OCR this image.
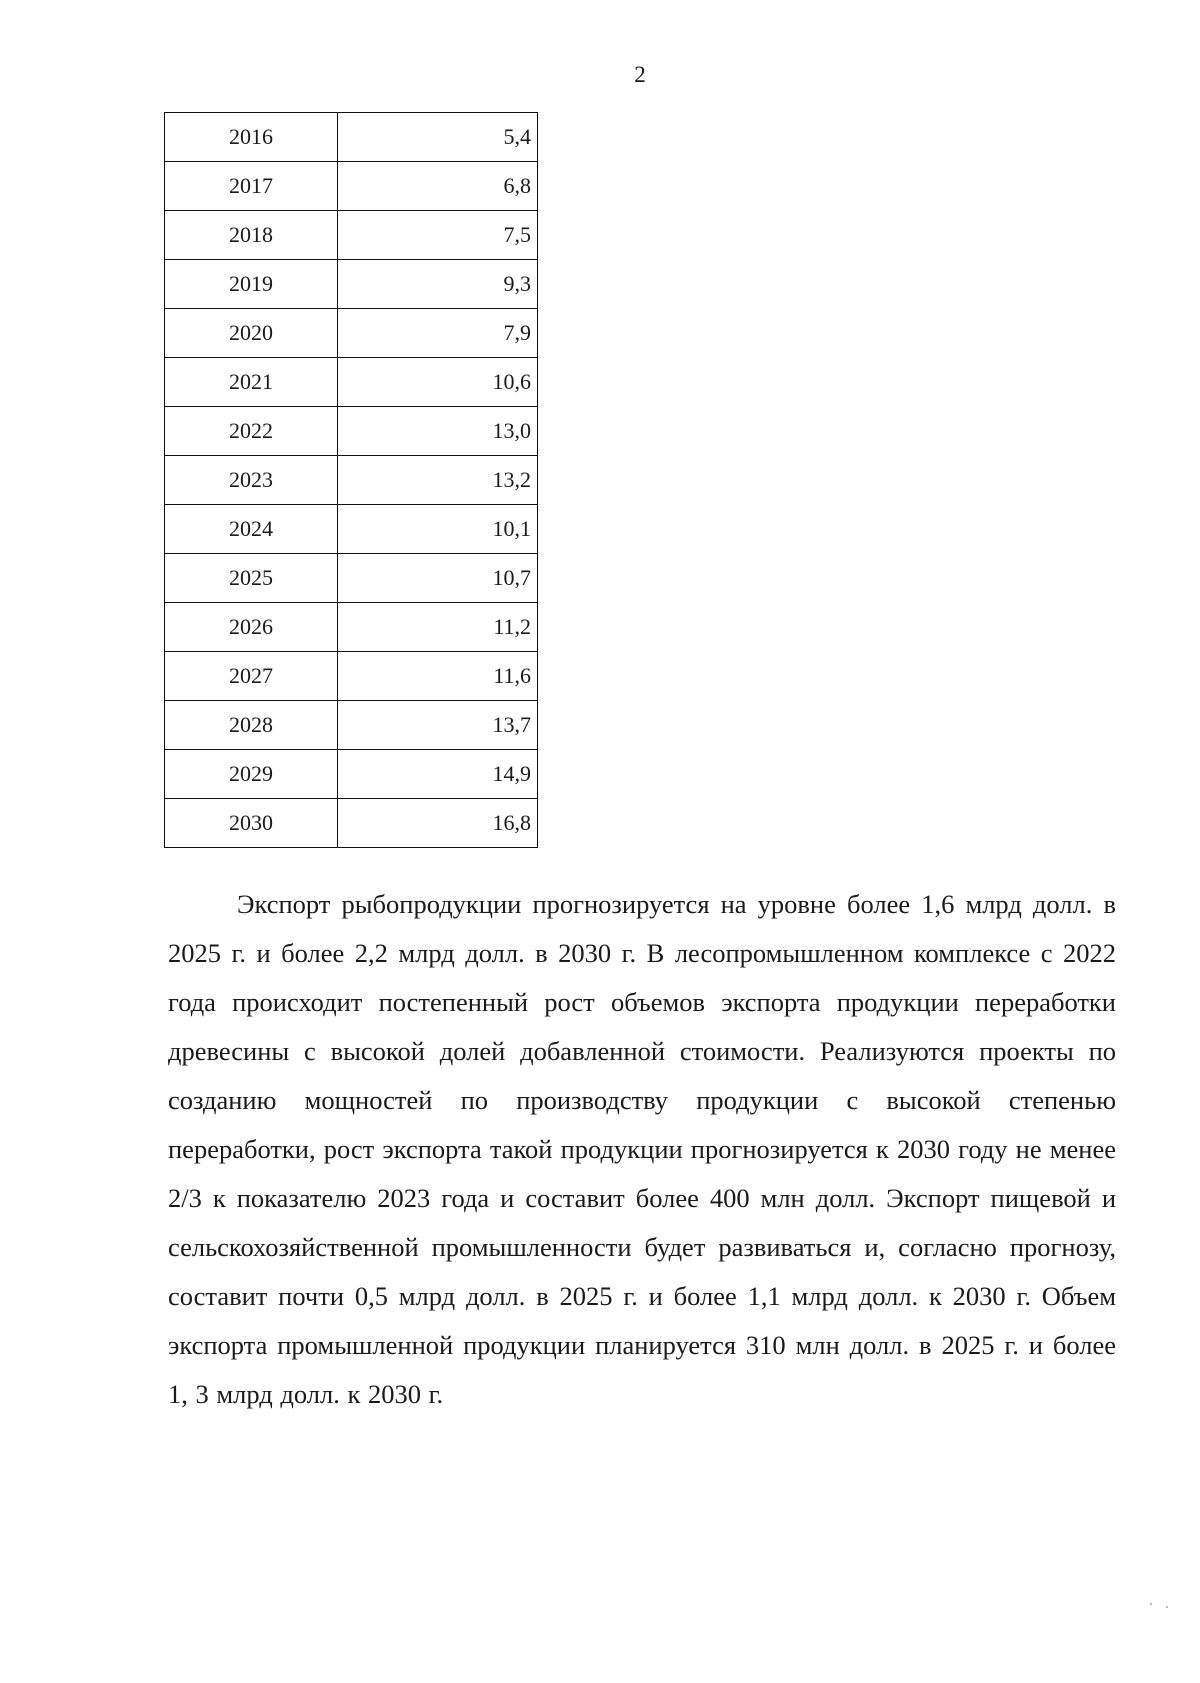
2
2016	5,4
2017	6,8
2018	7,5
2019	9,3
2020	7,9
2021	10,6
2022	13,0
2023	13,2
2024	10,1
2025	10,7
2026	11,2
2027	11,6
2028	13,7
2029	14,9
2030	16,8

Экспорт рыбопродукции прогнозируется на уровне более 1,6 млрд долл. в 2025 г. и более 2,2 млрд долл. в 2030 г. В лесопромышленном комплексе с 2022 года происходит постепенный рост объемов экспорта продукции переработки древесины с высокой долей добавленной стоимости. Реализуются проекты по созданию мощностей по производству продукции с высокой степенью переработки, рост экспорта такой продукции прогнозируется к 2030 году не менее 2/3 к показателю 2023 года и составит более 400 млн долл. Экспорт пищевой и сельскохозяйственной промышленности будет развиваться и, согласно прогнозу, составит почти 0,5 млрд долл. в 2025 г. и более 1,1 млрд долл. к 2030 г. Объем экспорта промышленной продукции планируется 310 млн долл. в 2025 г. и более 1, 3 млрд долл. к 2030 г.
